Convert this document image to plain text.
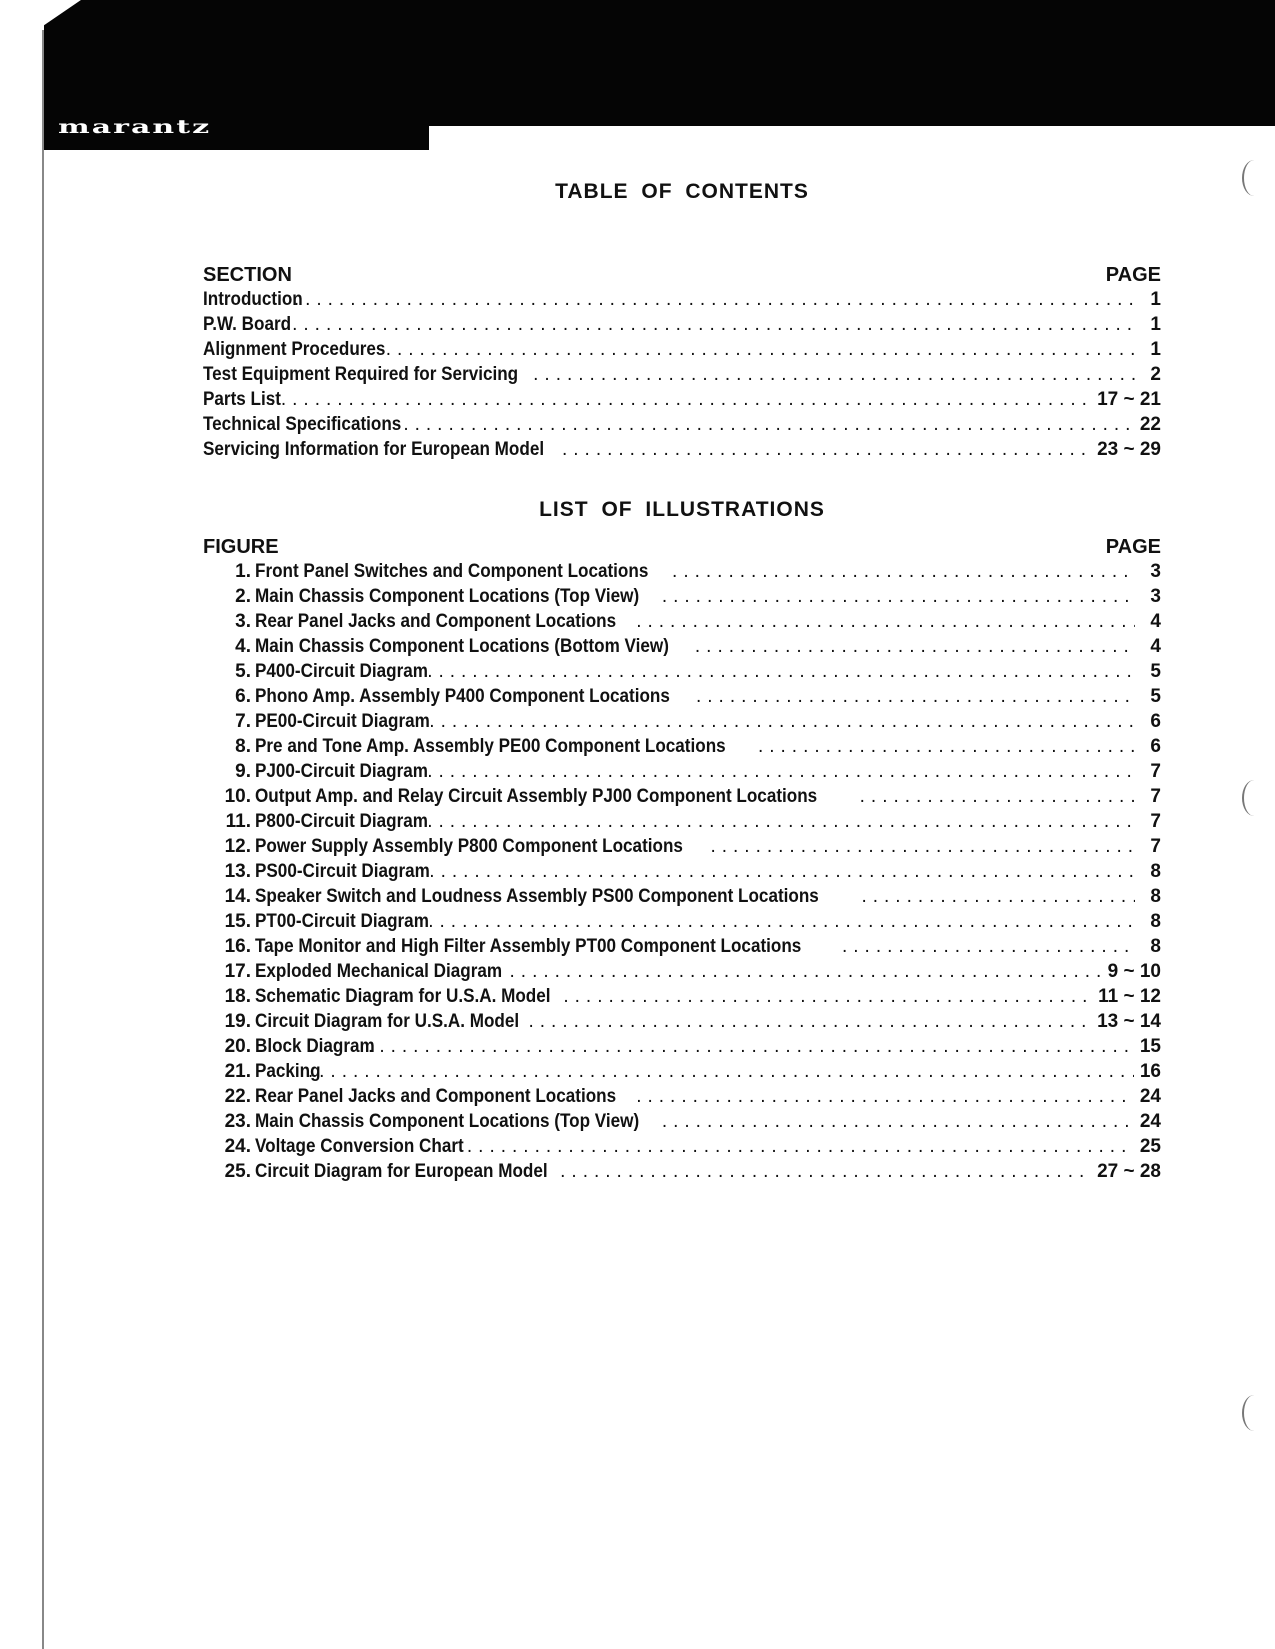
marantz
TABLE OF CONTENTS
SECTION	PAGE
Introduction .....	1
P.W. Board .....	1
Alignment Procedures .....	1
Test Equipment Required for Servicing .....	2
Parts List .....	17 ~ 21
Technical Specifications .....	22
Servicing Information for European Model .....	23 ~ 29
LIST OF ILLUSTRATIONS
FIGURE	PAGE
1. Front Panel Switches and Component Locations .....	3
2. Main Chassis Component Locations (Top View) .....	3
3. Rear Panel Jacks and Component Locations .....	4
4. Main Chassis Component Locations (Bottom View) .....	4
5. P400-Circuit Diagram .....	5
6. Phono Amp. Assembly P400 Component Locations .....	5
7. PE00-Circuit Diagram .....	6
8. Pre and Tone Amp. Assembly PE00 Component Locations .....	6
9. PJ00-Circuit Diagram .....	7
10. Output Amp. and Relay Circuit Assembly PJ00 Component Locations .....	7
11. P800-Circuit Diagram .....	7
12. Power Supply Assembly P800 Component Locations .....	7
13. PS00-Circuit Diagram .....	8
14. Speaker Switch and Loudness Assembly PS00 Component Locations .....	8
15. PT00-Circuit Diagram .....	8
16. Tape Monitor and High Filter Assembly PT00 Component Locations .....	8
17. Exploded Mechanical Diagram .....	9 ~ 10
18. Schematic Diagram for U.S.A. Model .....	11 ~ 12
19. Circuit Diagram for U.S.A. Model .....	13 ~ 14
20. Block Diagram .....	15
21. Packing .....	16
22. Rear Panel Jacks and Component Locations .....	24
23. Main Chassis Component Locations (Top View) .....	24
24. Voltage Conversion Chart .....	25
25. Circuit Diagram for European Model .....	27 ~ 28
